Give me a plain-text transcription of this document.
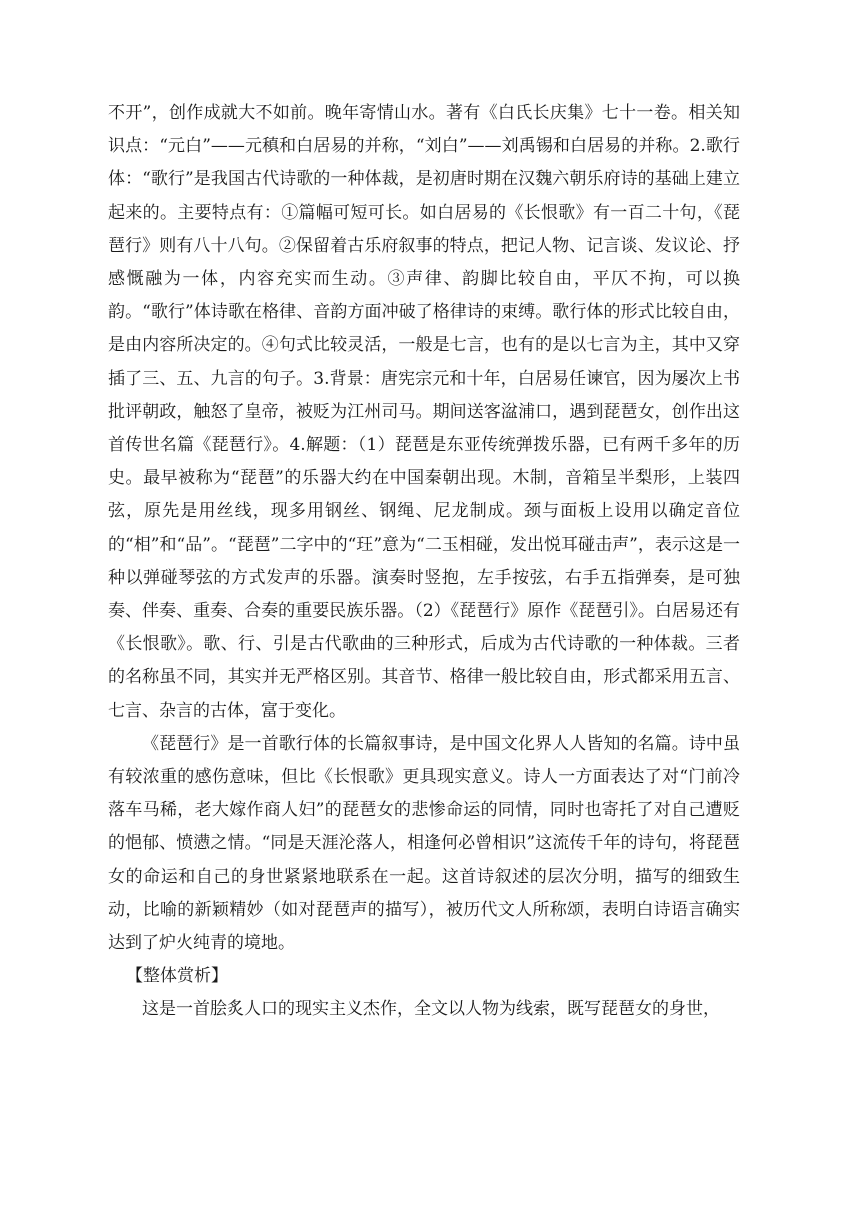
不开”，创作成就大不如前。晚年寄情山水。著有《白氏长庆集》七十一卷。相关知识点：“元白”——元稹和白居易的并称，“刘白”——刘禹锡和白居易的并称。2.歌行体：“歌行”是我国古代诗歌的一种体裁，是初唐时期在汉魏六朝乐府诗的基础上建立起来的。主要特点有：①篇幅可短可长。如白居易的《长恨歌》有一百二十句，《琵琶行》则有八十八句。②保留着古乐府叙事的特点，把记人物、记言谈、发议论、抒感慨融为一体，内容充实而生动。③声律、韵脚比较自由，平仄不拘，可以换韵。“歌行”体诗歌在格律、音韵方面冲破了格律诗的束缚。歌行体的形式比较自由，是由内容所决定的。④句式比较灵活，一般是七言，也有的是以七言为主，其中又穿插了三、五、九言的句子。3.背景：唐宪宗元和十年，白居易任谏官，因为屡次上书批评朝政，触怒了皇帝，被贬为江州司马。期间送客湓浦口，遇到琵琶女，创作出这首传世名篇《琵琶行》。4.解题：（1）琵琶是东亚传统弹拨乐器，已有两千多年的历史。最早被称为“琵琶”的乐器大约在中国秦朝出现。木制，音箱呈半梨形，上装四弦，原先是用丝线，现多用钢丝、钢绳、尼龙制成。颈与面板上设用以确定音位的“相”和“品”。“琵琶”二字中的“玨”意为“二玉相碰，发出悦耳碰击声”，表示这是一种以弹碰琴弦的方式发声的乐器。演奏时竖抱，左手按弦，右手五指弹奏，是可独奏、伴奏、重奏、合奏的重要民族乐器。（2）《琵琶行》原作《琵琶引》。白居易还有《长恨歌》。歌、行、引是古代歌曲的三种形式，后成为古代诗歌的一种体裁。三者的名称虽不同，其实并无严格区别。其音节、格律一般比较自由，形式都采用五言、七言、杂言的古体，富于变化。

《琵琶行》是一首歌行体的长篇叙事诗，是中国文化界人人皆知的名篇。诗中虽有较浓重的感伤意味，但比《长恨歌》更具现实意义。诗人一方面表达了对“门前冷落车马稀，老大嫁作商人妇”的琵琶女的悲惨命运的同情，同时也寄托了对自己遭贬的悒郁、愤懑之情。“同是天涯沦落人，相逢何必曾相识”这流传千年的诗句，将琵琶女的命运和自己的身世紧紧地联系在一起。这首诗叙述的层次分明，描写的细致生动，比喻的新颖精妙（如对琵琶声的描写），被历代文人所称颂，表明白诗语言确实达到了炉火纯青的境地。

【整体赏析】

这是一首脍炙人口的现实主义杰作，全文以人物为线索，既写琵琶女的身世，
